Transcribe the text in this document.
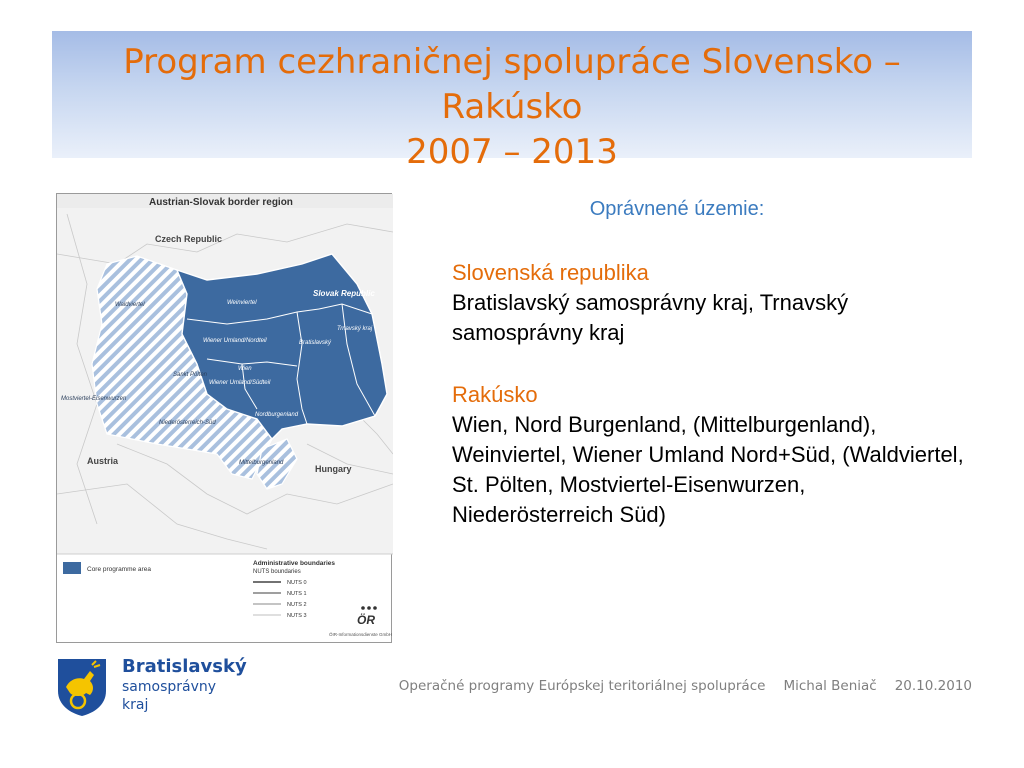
Program cezhraničnej spolupráce Slovensko – Rakúsko
2007 – 2013
Austrian-Slovak border region
Weinviertel
Wiener Umland/Nordteil
Wien
Wiener Umland/Südteil
Nordburgenland
Bratislavský
Trnavský kraj
Waldviertel
Sankt Pölten
Mostviertel-Eisenwurzen
Niederösterreich-Süd
Mittelburgenland
Czech Republic
Austria
Hungary
Slovak Republic
Core programme area
Administrative boundaries
NUTS boundaries
NUTS 0
NUTS 1
NUTS 2
NUTS 3	ÖR
ÖIR-Informationsdienste GmbH
Oprávnené územie:
Slovenská republika
Bratislavský samosprávny kraj, Trnavský samosprávny kraj
Rakúsko
Wien, Nord Burgenland, (Mittelburgenland), Weinviertel, Wiener Umland Nord+Süd, (Waldviertel, St. Pölten, Mostviertel-Eisenwurzen, Niederösterreich Süd)
Bratislavský
samosprávny
kraj
Operačné programy Európskej teritoriálnej spolupráce Michal Beniač 20.10.2010
